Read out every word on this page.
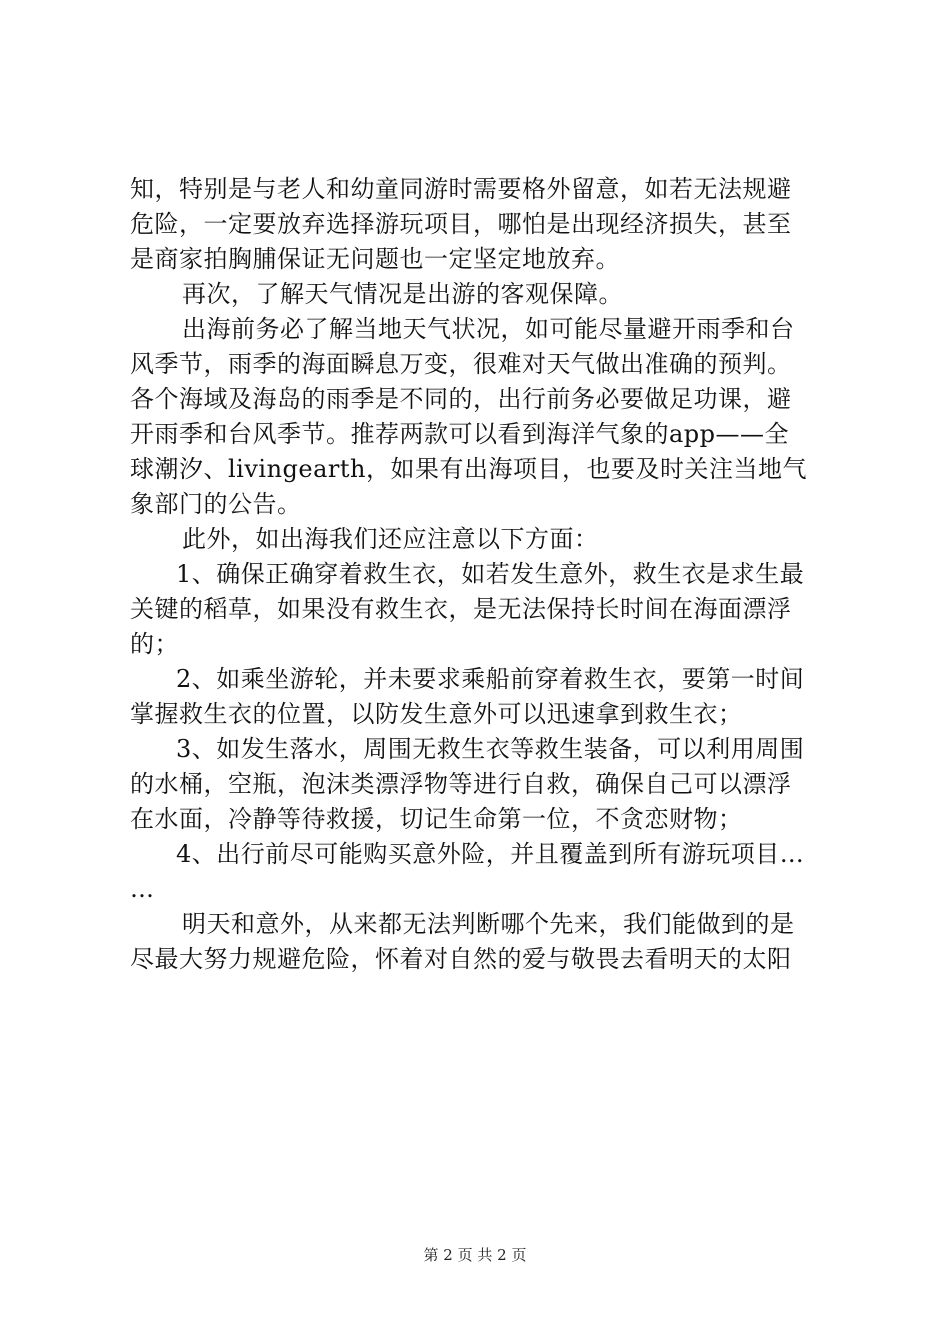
知，特别是与老人和幼童同游时需要格外留意，如若无法规避
危险，一定要放弃选择游玩项目，哪怕是出现经济损失，甚至
是商家拍胸脯保证无问题也一定坚定地放弃。
再次，了解天气情况是出游的客观保障。
出海前务必了解当地天气状况，如可能尽量避开雨季和台
风季节，雨季的海面瞬息万变，很难对天气做出准确的预判。
各个海域及海岛的雨季是不同的，出行前务必要做足功课，避
开雨季和台风季节。推荐两款可以看到海洋气象的app——全
球潮汐、livingearth，如果有出海项目，也要及时关注当地气
象部门的公告。
此外，如出海我们还应注意以下方面：
1、确保正确穿着救生衣，如若发生意外，救生衣是求生最
关键的稻草，如果没有救生衣，是无法保持长时间在海面漂浮
的；
2、如乘坐游轮，并未要求乘船前穿着救生衣，要第一时间
掌握救生衣的位置，以防发生意外可以迅速拿到救生衣；
3、如发生落水，周围无救生衣等救生装备，可以利用周围
的水桶，空瓶，泡沫类漂浮物等进行自救，确保自己可以漂浮
在水面，冷静等待救援，切记生命第一位，不贪恋财物；
4、出行前尽可能购买意外险，并且覆盖到所有游玩项目…
…
明天和意外，从来都无法判断哪个先来，我们能做到的是
尽最大努力规避危险，怀着对自然的爱与敬畏去看明天的太阳
第 2 页 共 2 页
